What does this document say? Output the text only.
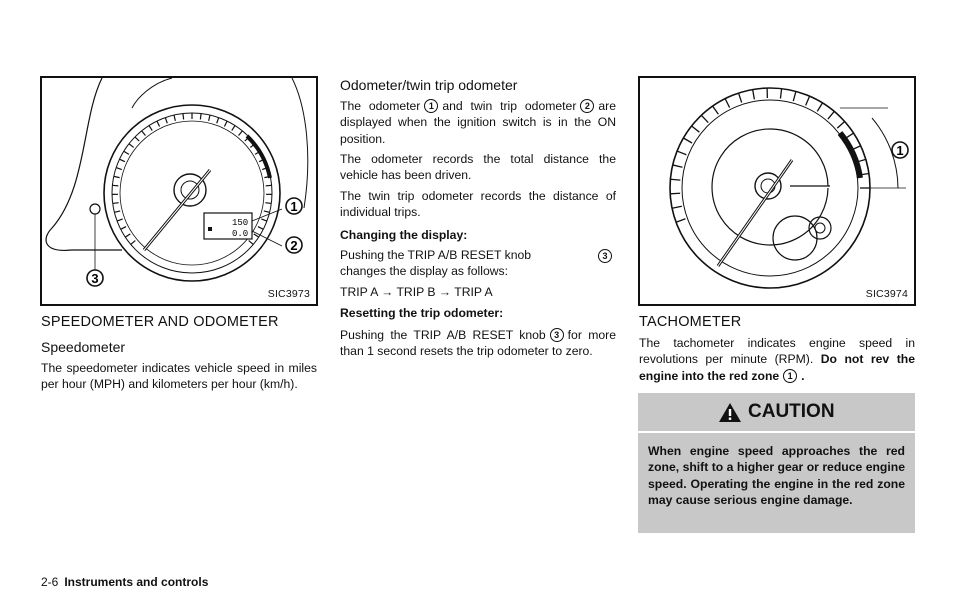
150
0.0
1
2
3
SIC3973
SPEEDOMETER AND ODOMETER
Speedometer
The speedometer indicates vehicle speed in miles per hour (MPH) and kilometers per hour (km/h).
Odometer/twin trip odometer
The odometer 1 and twin trip odometer 2 are displayed when the ignition switch is in the ON position.
The odometer records the total distance the vehicle has been driven.
The twin trip odometer records the distance of individual trips.
Changing the display:
Pushing the TRIP A/B RESET knob	3

changes the display as follows:
TRIP A → TRIP B → TRIP A
Resetting the trip odometer:
Pushing the TRIP A/B RESET knob 3 for more than 1 second resets the trip odometer to zero.
1
SIC3974
TACHOMETER
The tachometer indicates engine speed in revolutions per minute (RPM). Do not rev the engine into the red zone 1 .
CAUTION
When engine speed approaches the red zone, shift to a higher gear or reduce engine speed. Operating the engine in the red zone may cause serious engine damage.
2-6 Instruments and controls
